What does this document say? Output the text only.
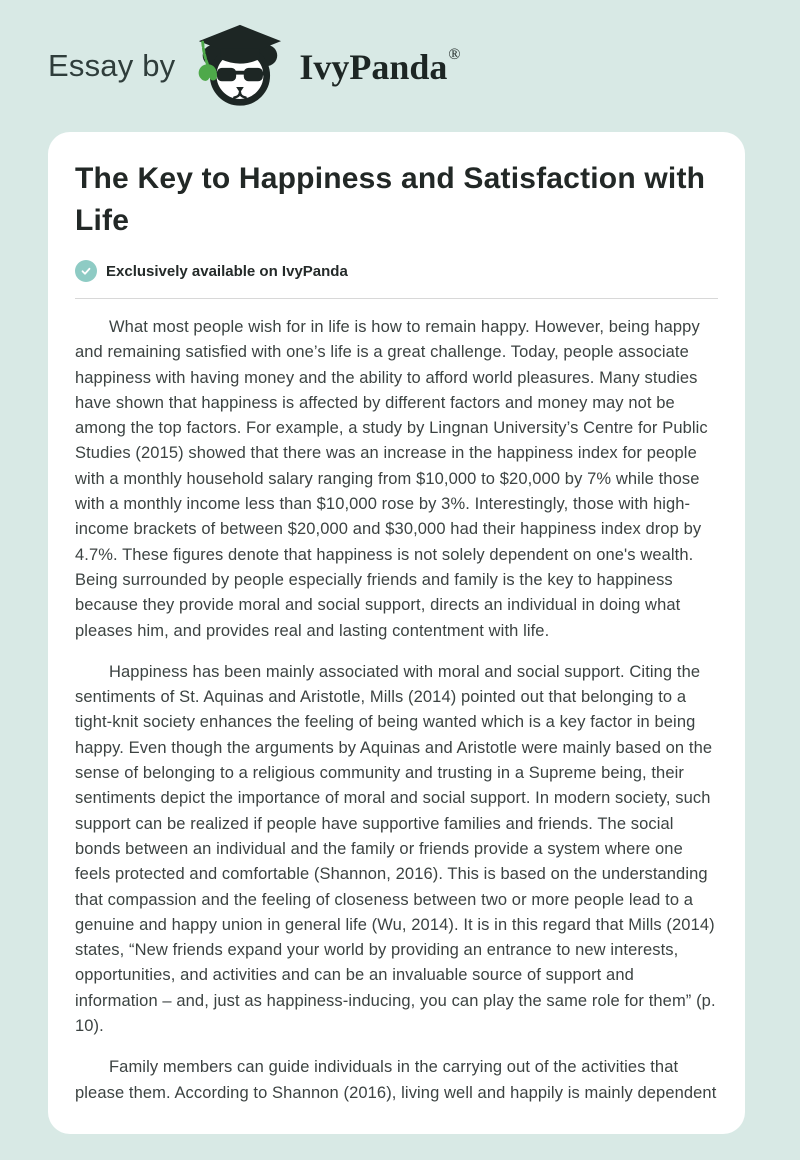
Essay by	IvyPanda ®
The Key to Happiness and Satisfaction with Life
Exclusively available on IvyPanda

What most people wish for in life is how to remain happy. However, being happy and remaining satisfied with one’s life is a great challenge. Today, people associate happiness with having money and the ability to afford world pleasures. Many studies have shown that happiness is affected by different factors and money may not be among the top factors. For example, a study by Lingnan University’s Centre for Public Studies (2015) showed that there was an increase in the happiness index for people with a monthly household salary ranging from $10,000 to $20,000 by 7% while those with a monthly income less than $10,000 rose by 3%. Interestingly, those with high-income brackets of between $20,000 and $30,000 had their happiness index drop by 4.7%. These figures denote that happiness is not solely dependent on one's wealth. Being surrounded by people especially friends and family is the key to happiness because they provide moral and social support, directs an individual in doing what pleases him, and provides real and lasting contentment with life.

Happiness has been mainly associated with moral and social support. Citing the sentiments of St. Aquinas and Aristotle, Mills (2014) pointed out that belonging to a tight-knit society enhances the feeling of being wanted which is a key factor in being happy. Even though the arguments by Aquinas and Aristotle were mainly based on the sense of belonging to a religious community and trusting in a Supreme being, their sentiments depict the importance of moral and social support. In modern society, such support can be realized if people have supportive families and friends. The social bonds between an individual and the family or friends provide a system where one feels protected and comfortable (Shannon, 2016). This is based on the understanding that compassion and the feeling of closeness between two or more people lead to a genuine and happy union in general life (Wu, 2014). It is in this regard that Mills (2014) states, “New friends expand your world by providing an entrance to new interests, opportunities, and activities and can be an invaluable source of support and information – and, just as happiness-inducing, you can play the same role for them” (p. 10).

Family members can guide individuals in the carrying out of the activities that please them. According to Shannon (2016), living well and happily is mainly dependent
